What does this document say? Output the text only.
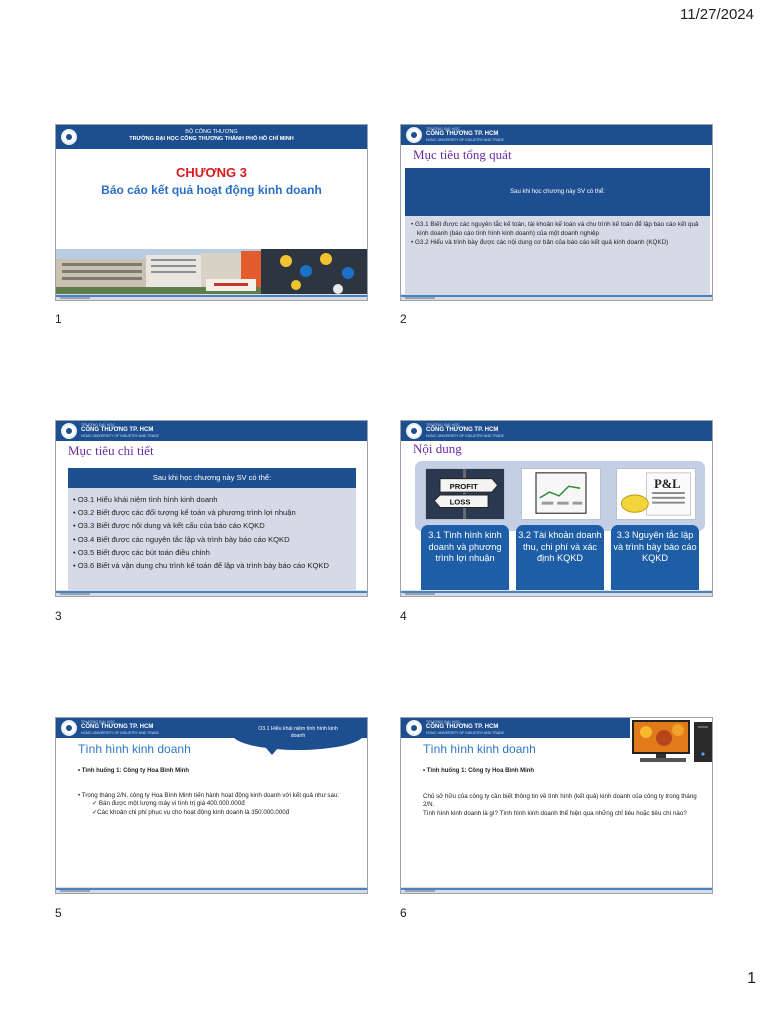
11/27/2024
BỘ CÔNG THƯƠNG
TRƯỜNG ĐẠI HỌC CÔNG THƯƠNG THÀNH PHỐ HỒ CHÍ MINH
CHƯƠNG 3
Báo cáo kết quả hoạt động kinh doanh
1
TRƯỜNG ĐẠI HỌC
CÔNG THƯƠNG TP. HCM
HCMC UNIVERSITY OF INDUSTRY AND TRADE
Mục tiêu tổng quát
Sau khi học chương này SV có thể:
• G3.1 Biết được các nguyên tắc kế toán, tài khoản kế toán và chu trình kế toán để lập báo cáo kết quả kinh doanh (báo cáo tình hình kinh doanh) của một doanh nghiệp
• G3.2 Hiểu và trình bày được các nội dung cơ bản của báo cáo kết quả kinh doanh (KQKD)
2
TRƯỜNG ĐẠI HỌC
CÔNG THƯƠNG TP. HCM
HCMC UNIVERSITY OF INDUSTRY AND TRADE
Mục tiêu chi tiết
Sau khi học chương này SV có thể:
• O3.1 Hiểu khái niệm tình hình kinh doanh
• O3.2 Biết được các đối tượng kế toán và phương trình lợi nhuận
• O3.3 Biết được nội dung và kết cấu của báo cáo KQKD
• O3.4 Biết được các nguyên tắc lập và trình bày báo cáo KQKD
• O3.5 Biết được các bút toán điều chỉnh
• O3.6 Biết và vận dụng chu trình kế toán để lập và trình bày báo cáo KQKD
3
TRƯỜNG ĐẠI HỌC
CÔNG THƯƠNG TP. HCM
HCMC UNIVERSITY OF INDUSTRY AND TRADE
Nội dung
PROFIT
LOSS
P&L
3.1 Tình hình kinh doanh và phương trình lợi nhuận
3.2 Tài khoản doanh thu, chi phí và xác định KQKD
3.3 Nguyên tắc lập và trình bày báo cáo KQKD
4
TRƯỜNG ĐẠI HỌC
CÔNG THƯƠNG TP. HCM
HCMC UNIVERSITY OF INDUSTRY AND TRADE
O3.1 Hiểu khái niệm tình hình kinh doanh
Tình hình kinh doanh
• Tình huống 1: Công ty Hoa Bình Minh
• Trong tháng 2/N, công ty Hoa Bình Minh tiến hành hoạt động kinh doanh với kết quả như sau:
✓ Bán được một lượng máy vi tính trị giá 400.000.000đ
✓Các khoản chi phí phục vụ cho hoạt động kinh doanh là 350.000.000đ
5
TRƯỜNG ĐẠI HỌC
CÔNG THƯƠNG TP. HCM
HCMC UNIVERSITY OF INDUSTRY AND TRADE
Tình hình kinh doanh
• Tình huống 1: Công ty Hoa Bình Minh
Chủ sở hữu của công ty cần biết thông tin về tình hình (kết quả) kinh doanh của công ty trong tháng 2/N.
Tình hình kinh doanh là gì? Tình hình kinh doanh thể hiện qua những chỉ tiêu hoặc tiêu chí nào?
6
1
